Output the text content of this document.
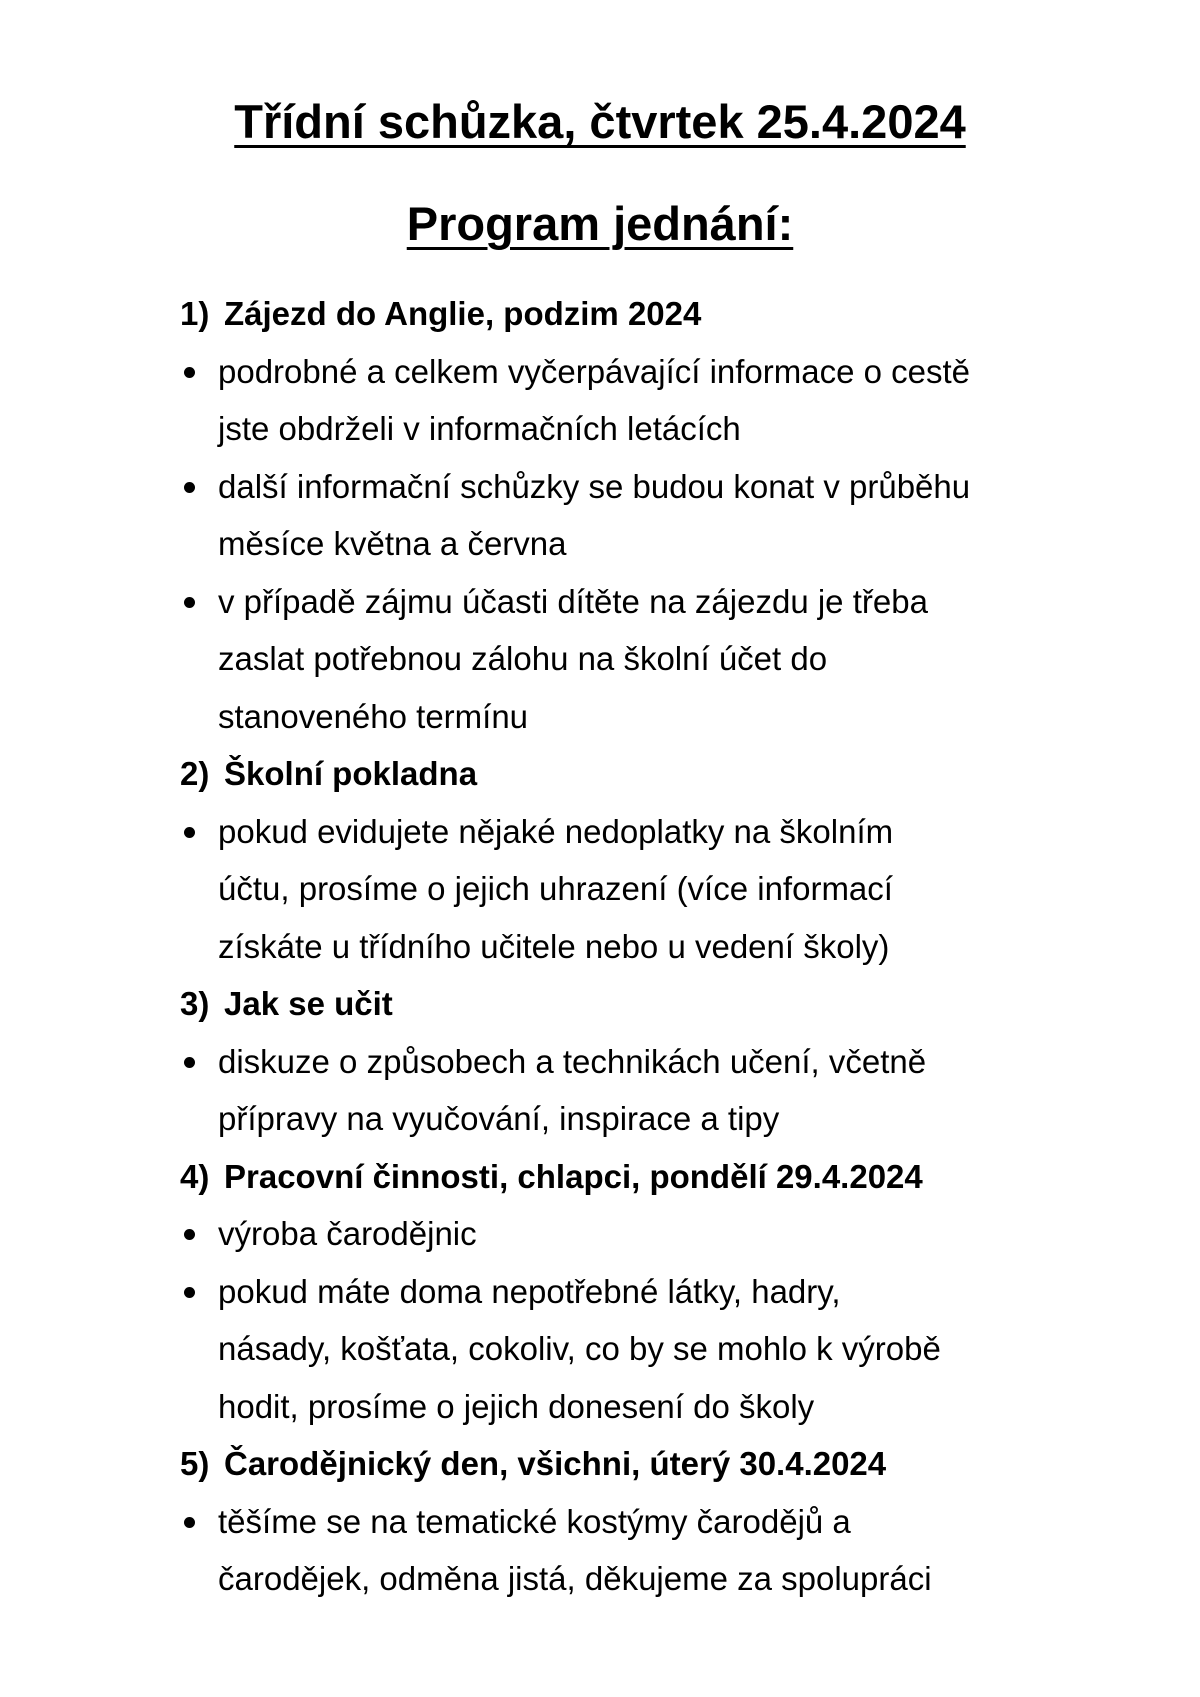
Třídní schůzka, čtvrtek 25.4.2024
Program jednání:
1) Zájezd do Anglie, podzim 2024
podrobné a celkem vyčerpávající informace o cestě
jste obdrželi v informačních letácích
další informační schůzky se budou konat v průběhu
měsíce května a června
v případě zájmu účasti dítěte na zájezdu je třeba
zaslat potřebnou zálohu na školní účet do
stanoveného termínu
2) Školní pokladna
pokud evidujete nějaké nedoplatky na školním
účtu, prosíme o jejich uhrazení (více informací
získáte u třídního učitele nebo u vedení školy)
3) Jak se učit
diskuze o způsobech a technikách učení, včetně
přípravy na vyučování, inspirace a tipy
4) Pracovní činnosti, chlapci, pondělí 29.4.2024
výroba čarodějnic
pokud máte doma nepotřebné látky, hadry,
násady, košťata, cokoliv, co by se mohlo k výrobě
hodit, prosíme o jejich donesení do školy
5) Čarodějnický den, všichni, úterý 30.4.2024
těšíme se na tematické kostýmy čarodějů a
čarodějek, odměna jistá, děkujeme za spolupráci
